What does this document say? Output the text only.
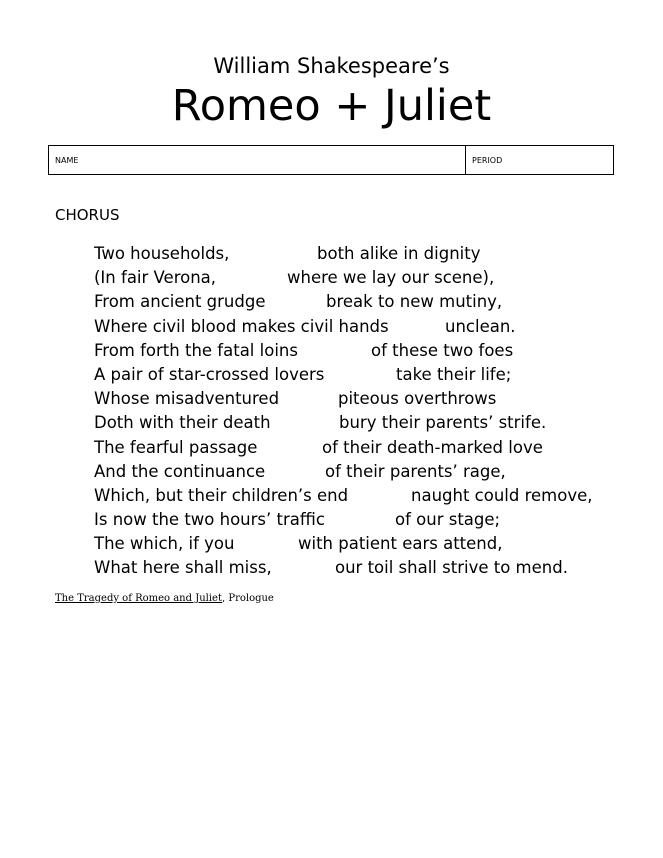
William Shakespeare’s
Romeo + Juliet
NAME	PERIOD
CHORUS
Two households,	both alike in dignity
(In fair Verona,	where we lay our scene),
From ancient grudge	break to new mutiny,
Where civil blood makes civil hands	unclean.
From forth the fatal loins	of these two foes
A pair of star-crossed lovers	take their life;
Whose misadventured	piteous overthrows
Doth with their death	bury their parents’ strife.
The fearful passage	of their death-marked love
And the continuance	of their parents’ rage,
Which, but their children’s end	naught could remove,
Is now the two hours’ traffic	of our stage;
The which, if you	with patient ears attend,
What here shall miss,	our toil shall strive to mend.
The Tragedy of Romeo and Juliet, Prologue
